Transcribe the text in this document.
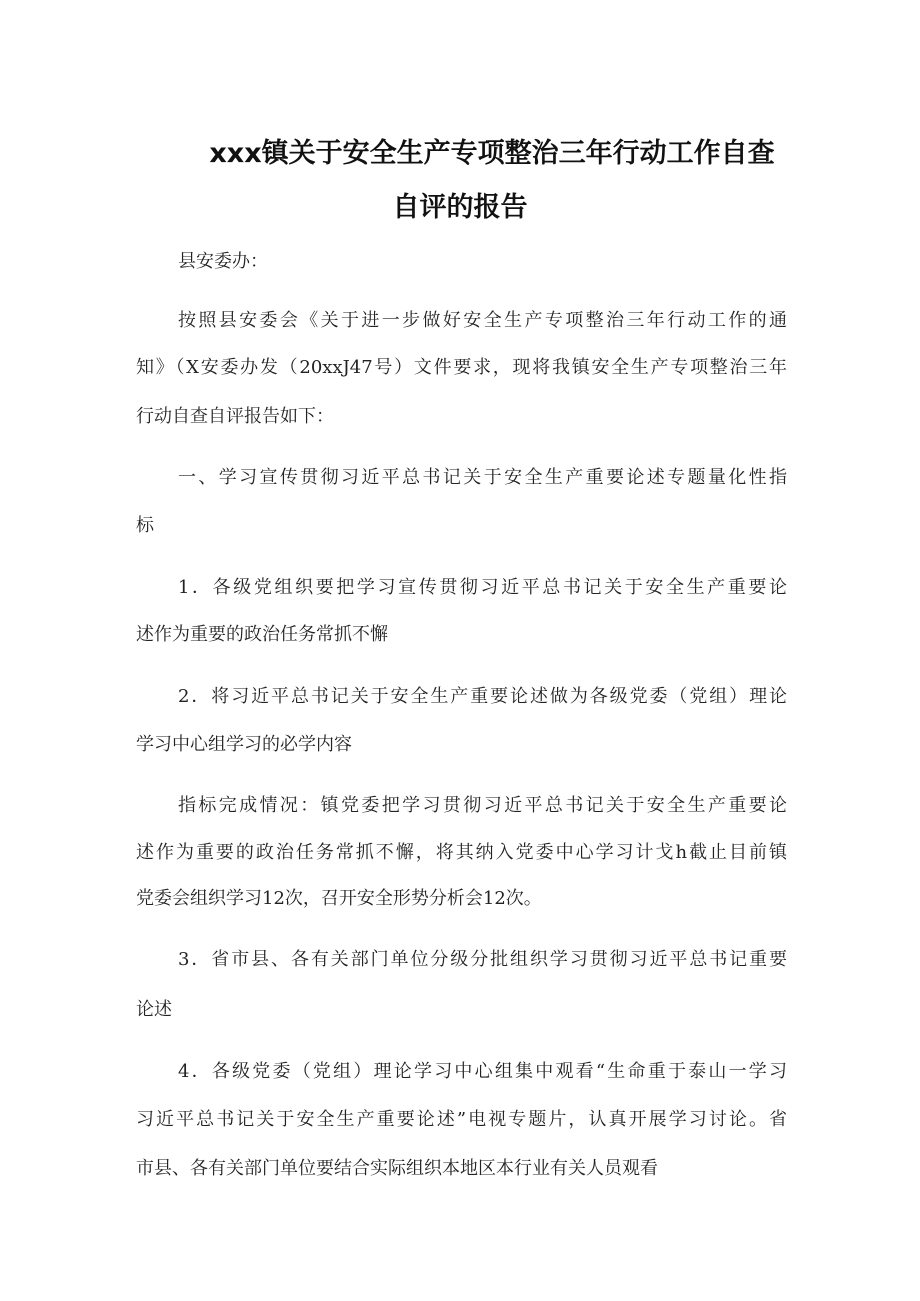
xxx镇关于安全生产专项整治三年行动工作自查
自评的报告

县安委办：

按照县安委会《关于进一步做好安全生产专项整治三年行动工作的通

知》（X安委办发（20xxJ47号）文件要求，现将我镇安全生产专项整治三年

行动自查自评报告如下：

一、学习宣传贯彻习近平总书记关于安全生产重要论述专题量化性指

标

1．各级党组织要把学习宣传贯彻习近平总书记关于安全生产重要论

述作为重要的政治任务常抓不懈

2．将习近平总书记关于安全生产重要论述做为各级党委（党组）理论

学习中心组学习的必学内容

指标完成情况：镇党委把学习贯彻习近平总书记关于安全生产重要论

述作为重要的政治任务常抓不懈，将其纳入党委中心学习计戈h截止目前镇

党委会组织学习12次，召开安全形势分析会12次。

3．省市县、各有关部门单位分级分批组织学习贯彻习近平总书记重要

论述

4．各级党委（党组）理论学习中心组集中观看“生命重于泰山一学习

习近平总书记关于安全生产重要论述”电视专题片，认真开展学习讨论。省

市县、各有关部门单位要结合实际组织本地区本行业有关人员观看
